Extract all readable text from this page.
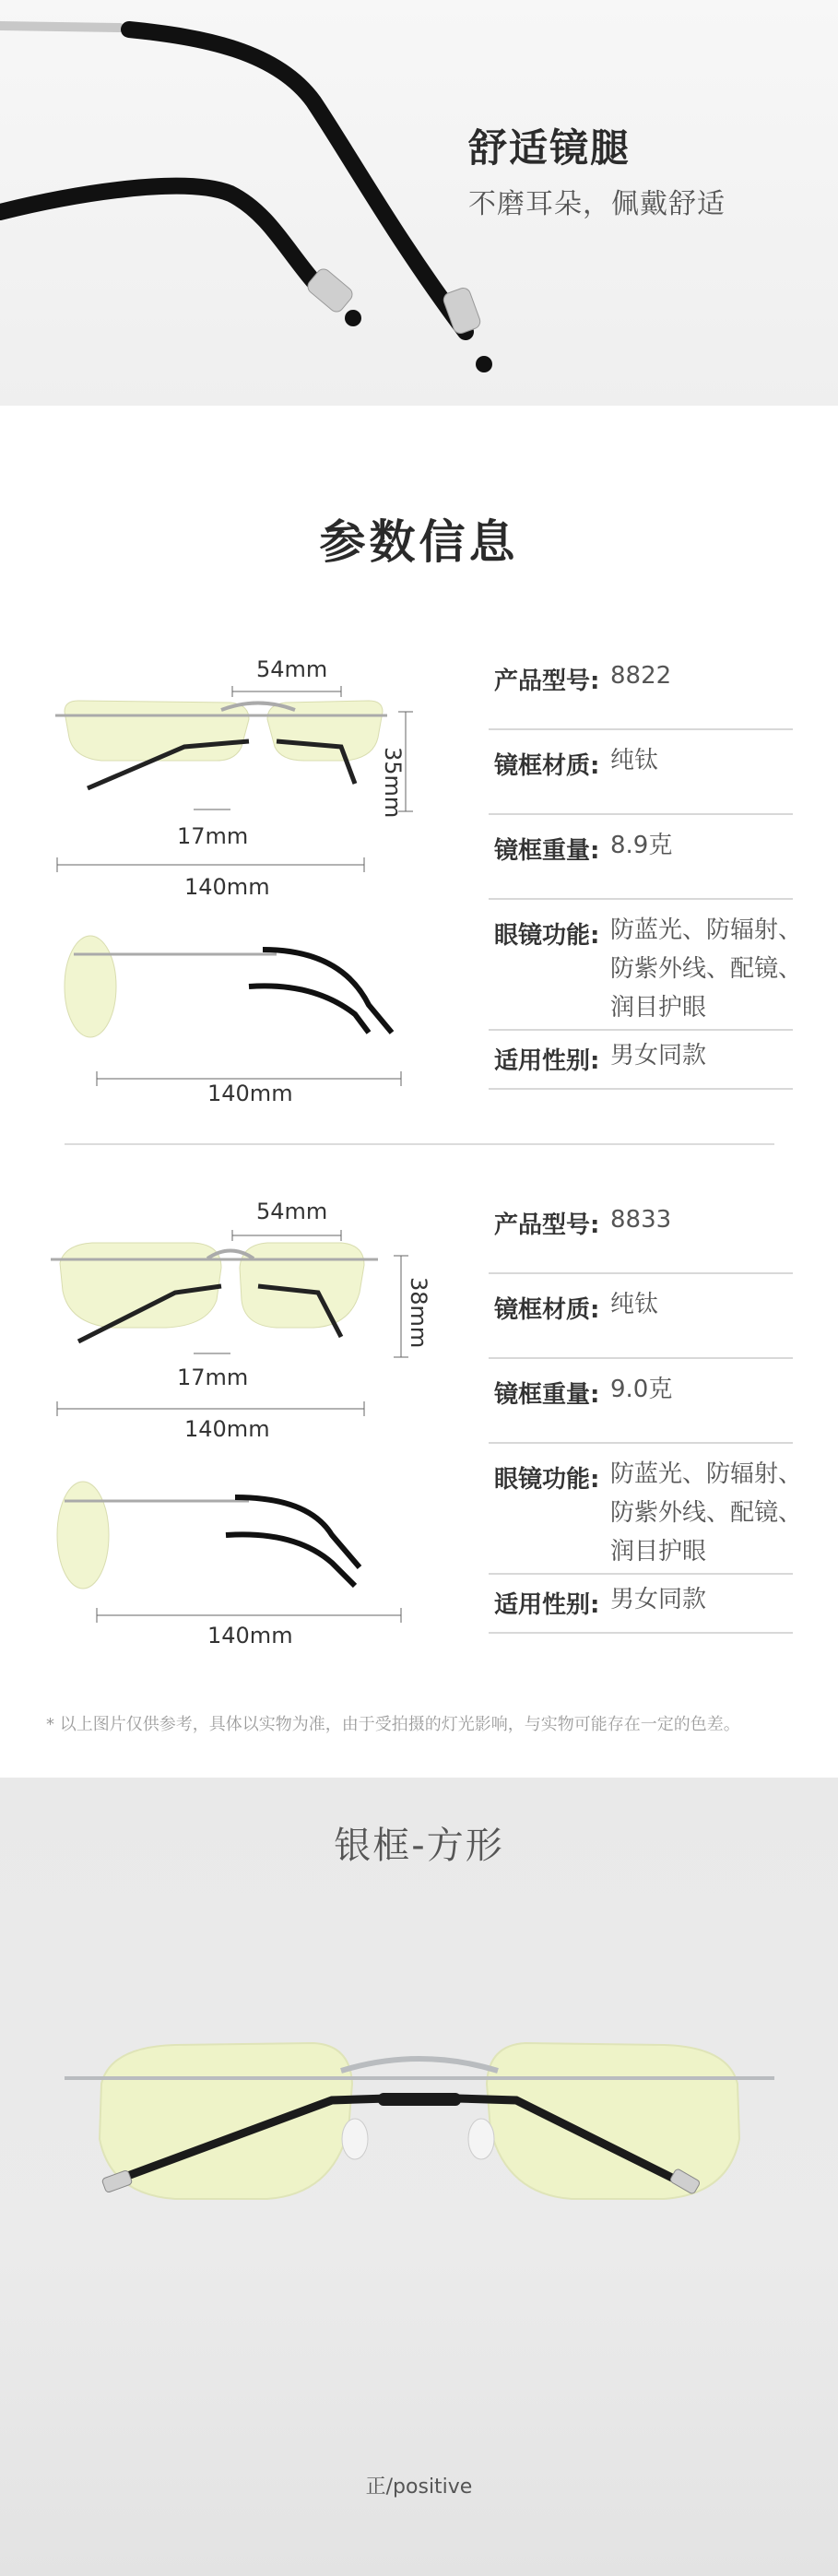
舒适镜腿
不磨耳朵，佩戴舒适
参数信息
54mm
35mm
17mm
140mm
140mm
产品型号: 8822
镜框材质: 纯钛
镜框重量: 8.9克
眼镜功能: 防蓝光、防辐射、防紫外线、配镜、润目护眼
适用性别: 男女同款
54mm
38mm
17mm
140mm
140mm
产品型号: 8833
镜框材质: 纯钛
镜框重量: 9.0克
眼镜功能: 防蓝光、防辐射、防紫外线、配镜、润目护眼
适用性别: 男女同款
* 以上图片仅供参考，具体以实物为准，由于受拍摄的灯光影响，与实物可能存在一定的色差。
银框-方形
正/positive
